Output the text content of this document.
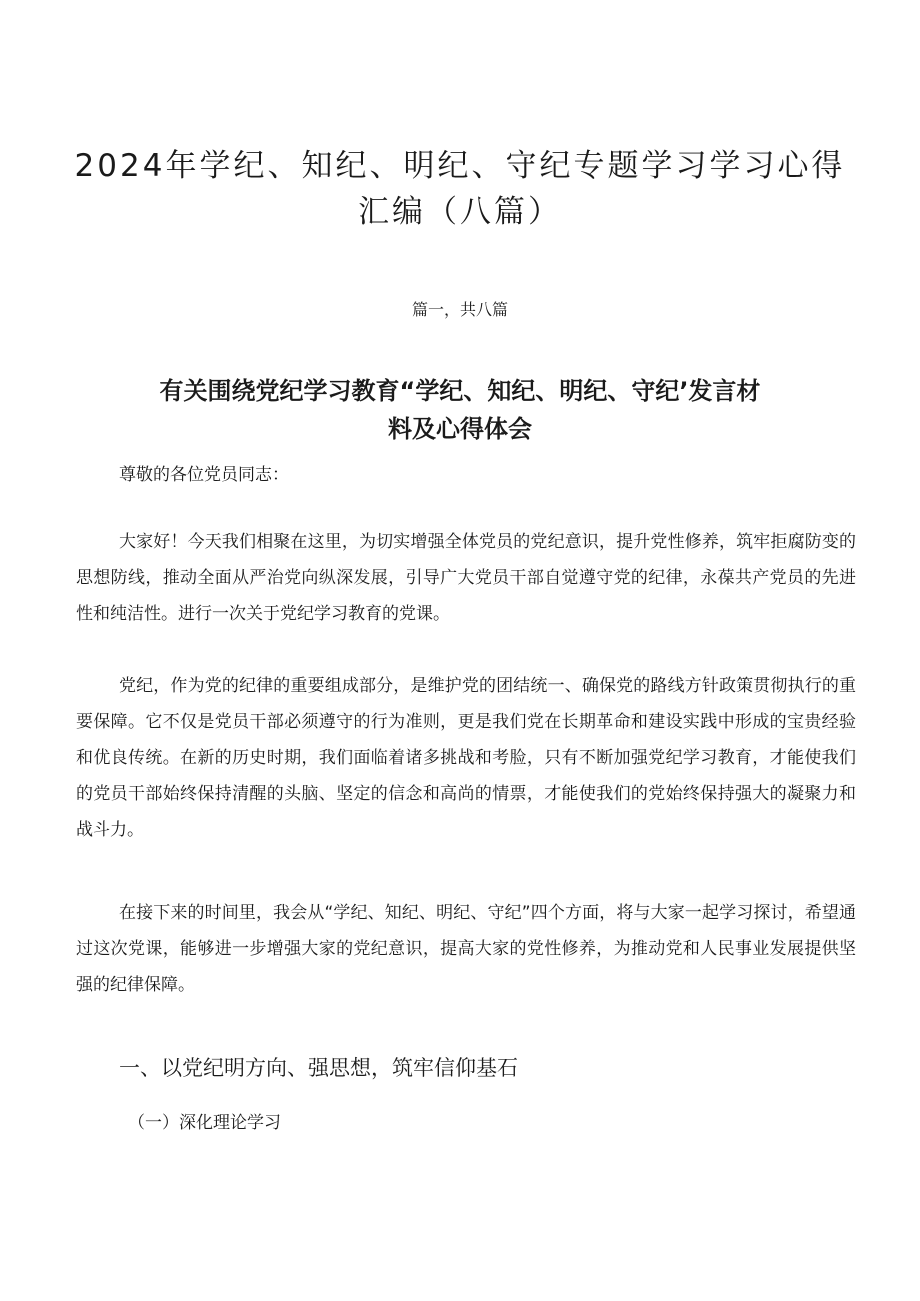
2024年学纪、知纪、明纪、守纪专题学习学习心得
汇编（八篇）
篇一，共八篇
有关围绕党纪学习教育“学纪、知纪、明纪、守纪’发言材
料及心得体会
尊敬的各位党员同志：

大家好！今天我们相聚在这里，为切实增强全体党员的党纪意识，提升党性修养，筑牢拒腐防变的思想防线，推动全面从严治党向纵深发展，引导广大党员干部自觉遵守党的纪律，永葆共产党员的先进性和纯洁性。进行一次关于党纪学习教育的党课。

党纪，作为党的纪律的重要组成部分，是维护党的团结统一、确保党的路线方针政策贯彻执行的重要保障。它不仅是党员干部必须遵守的行为准则，更是我们党在长期革命和建设实践中形成的宝贵经验和优良传统。在新的历史时期，我们面临着诸多挑战和考脸，只有不断加强党纪学习教育，才能使我们的党员干部始终保持清醒的头脑、坚定的信念和高尚的情票，才能使我们的党始终保持强大的凝聚力和战斗力。

在接下来的时间里，我会从“学纪、知纪、明纪、守纪”四个方面，将与大家一起学习探讨，希望通过这次党课，能够进一步增强大家的党纪意识，提高大家的党性修养，为推动党和人民事业发展提供坚强的纪律保障。

一、以党纪明方向、强思想，筑牢信仰基石
（一）深化理论学习
